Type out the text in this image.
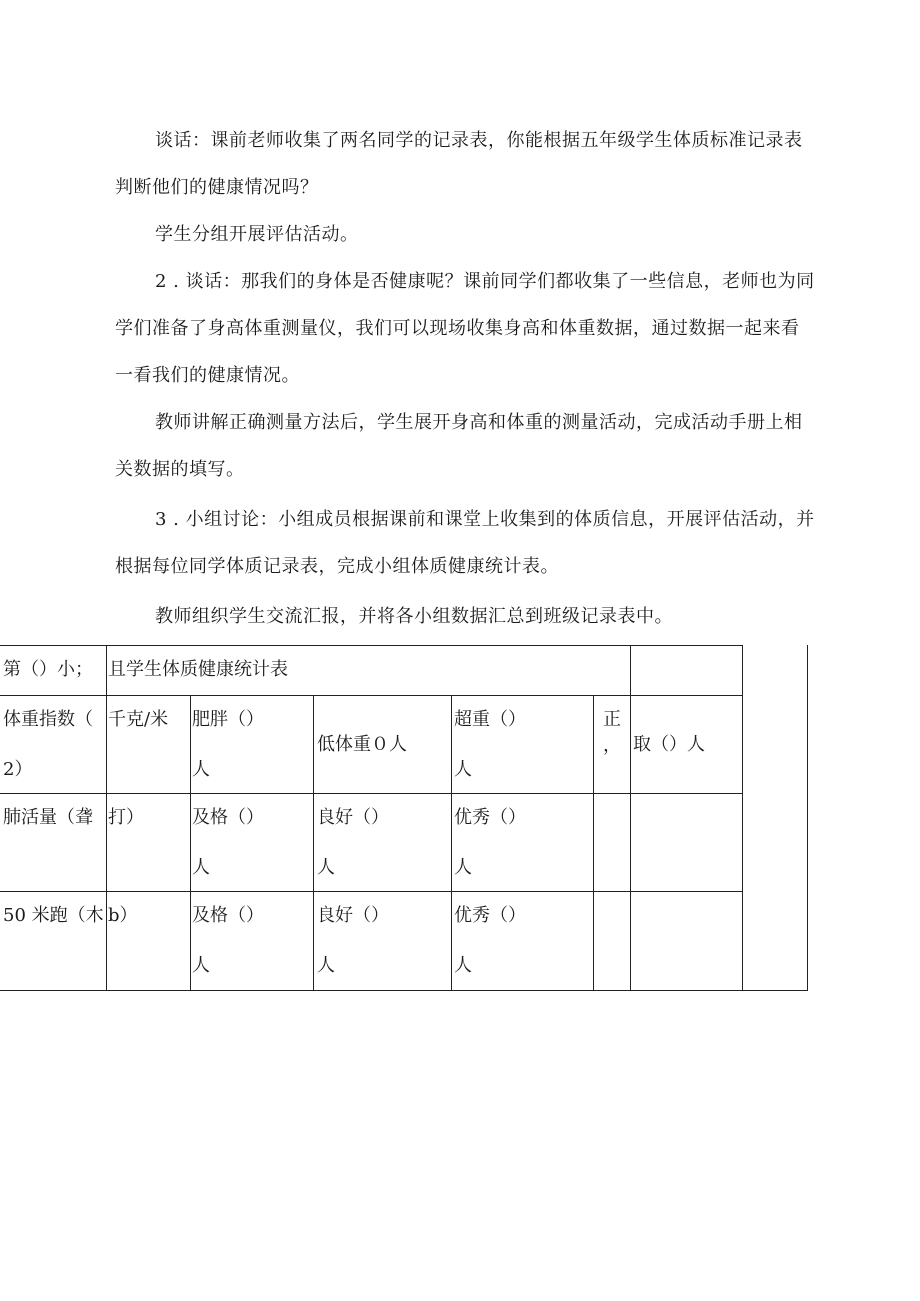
谈话：课前老师收集了两名同学的记录表，你能根据五年级学生体质标准记录表判断他们的健康情况吗？

学生分组开展评估活动。

2 . 谈话：那我们的身体是否健康呢？课前同学们都收集了一些信息，老师也为同学们准备了身高体重测量仪，我们可以现场收集身高和体重数据，通过数据一起来看一看我们的健康情况。

教师讲解正确测量方法后，学生展开身高和体重的测量活动，完成活动手册上相关数据的填写。

3 . 小组讨论：小组成员根据课前和课堂上收集到的体质信息，开展评估活动，并根据每位同学体质记录表，完成小组体质健康统计表。

教师组织学生交流汇报，并将各小组数据汇总到班级记录表中。

第（）小； 且学生体质健康统计表
体重指数（
2）
千克/米 肥胖（）
人
低体重０人
超重（）
人
正
， 取（）人
肺活量（聋 打）	及格（）
人
良好（）
人
优秀（）
人
50 米跑（木 b）	及格（）
人
良好（）
人
优秀（）
人
